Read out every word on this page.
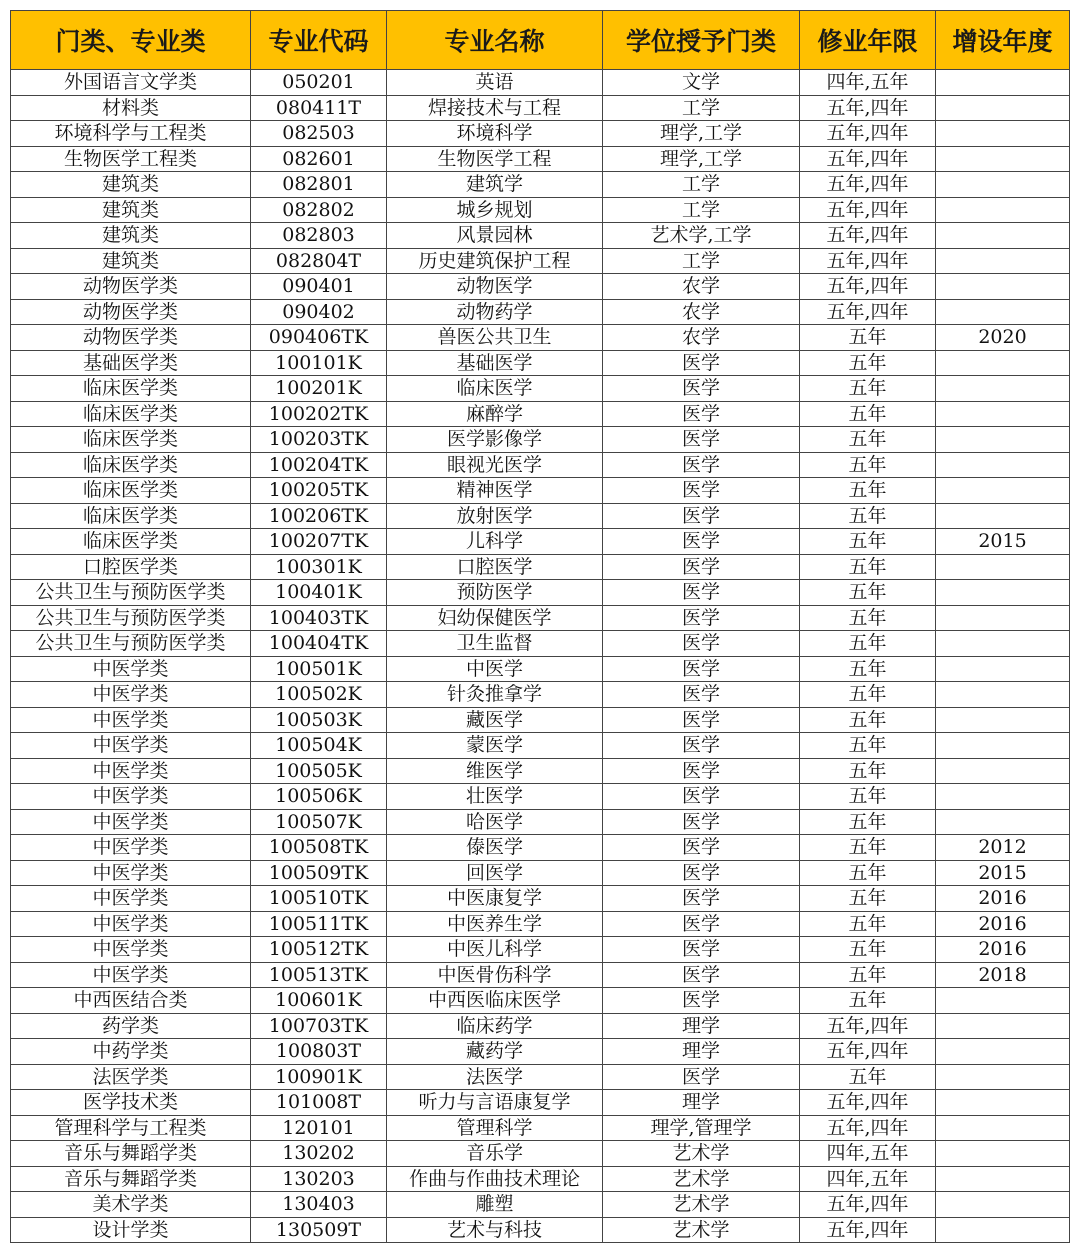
门类、专业类	专业代码	专业名称	学位授予门类	修业年限	增设年度
外国语言文学类	050201	英语	文学	四年,五年	
材料类	080411T	焊接技术与工程	工学	五年,四年	
环境科学与工程类	082503	环境科学	理学,工学	五年,四年	
生物医学工程类	082601	生物医学工程	理学,工学	五年,四年	
建筑类	082801	建筑学	工学	五年,四年	
建筑类	082802	城乡规划	工学	五年,四年	
建筑类	082803	风景园林	艺术学,工学	五年,四年	
建筑类	082804T	历史建筑保护工程	工学	五年,四年	
动物医学类	090401	动物医学	农学	五年,四年	
动物医学类	090402	动物药学	农学	五年,四年	
动物医学类	090406TK	兽医公共卫生	农学	五年	2020
基础医学类	100101K	基础医学	医学	五年	
临床医学类	100201K	临床医学	医学	五年	
临床医学类	100202TK	麻醉学	医学	五年	
临床医学类	100203TK	医学影像学	医学	五年	
临床医学类	100204TK	眼视光医学	医学	五年	
临床医学类	100205TK	精神医学	医学	五年	
临床医学类	100206TK	放射医学	医学	五年	
临床医学类	100207TK	儿科学	医学	五年	2015
口腔医学类	100301K	口腔医学	医学	五年	
公共卫生与预防医学类	100401K	预防医学	医学	五年	
公共卫生与预防医学类	100403TK	妇幼保健医学	医学	五年	
公共卫生与预防医学类	100404TK	卫生监督	医学	五年	
中医学类	100501K	中医学	医学	五年	
中医学类	100502K	针灸推拿学	医学	五年	
中医学类	100503K	藏医学	医学	五年	
中医学类	100504K	蒙医学	医学	五年	
中医学类	100505K	维医学	医学	五年	
中医学类	100506K	壮医学	医学	五年	
中医学类	100507K	哈医学	医学	五年	
中医学类	100508TK	傣医学	医学	五年	2012
中医学类	100509TK	回医学	医学	五年	2015
中医学类	100510TK	中医康复学	医学	五年	2016
中医学类	100511TK	中医养生学	医学	五年	2016
中医学类	100512TK	中医儿科学	医学	五年	2016
中医学类	100513TK	中医骨伤科学	医学	五年	2018
中西医结合类	100601K	中西医临床医学	医学	五年	
药学类	100703TK	临床药学	理学	五年,四年	
中药学类	100803T	藏药学	理学	五年,四年	
法医学类	100901K	法医学	医学	五年	
医学技术类	101008T	听力与言语康复学	理学	五年,四年	
管理科学与工程类	120101	管理科学	理学,管理学	五年,四年	
音乐与舞蹈学类	130202	音乐学	艺术学	四年,五年	
音乐与舞蹈学类	130203	作曲与作曲技术理论	艺术学	四年,五年	
美术学类	130403	雕塑	艺术学	五年,四年	
设计学类	130509T	艺术与科技	艺术学	五年,四年	
